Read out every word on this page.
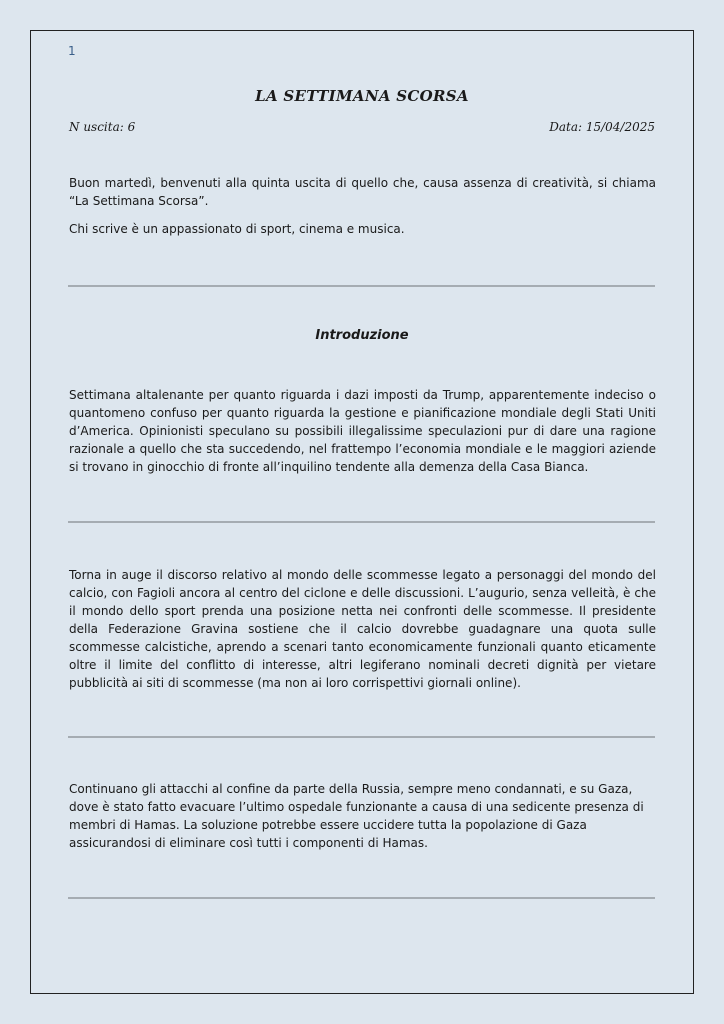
1
LA SETTIMANA SCORSA
N uscita: 6	Data: 15/04/2025

Buon martedì, benvenuti alla quinta uscita di quello che, causa assenza di creatività, si chiama “La Settimana Scorsa”.

Chi scrive è un appassionato di sport, cinema e musica.

Introduzione

Settimana altalenante per quanto riguarda i dazi imposti da Trump, apparentemente indeciso o quantomeno confuso per quanto riguarda la gestione e pianificazione mondiale degli Stati Uniti d’America. Opinionisti speculano su possibili illegalissime speculazioni pur di dare una ragione razionale a quello che sta succedendo, nel frattempo l’economia mondiale e le maggiori aziende si trovano in ginocchio di fronte all’inquilino tendente alla demenza della Casa Bianca.

Torna in auge il discorso relativo al mondo delle scommesse legato a personaggi del mondo del calcio, con Fagioli ancora al centro del ciclone e delle discussioni. L’augurio, senza velleità, è che il mondo dello sport prenda una posizione netta nei confronti delle scommesse. Il presidente della Federazione Gravina sostiene che il calcio dovrebbe guadagnare una quota sulle scommesse calcistiche, aprendo a scenari tanto economicamente funzionali quanto eticamente oltre il limite del conflitto di interesse, altri legiferano nominali decreti dignità per vietare pubblicità ai siti di scommesse (ma non ai loro corrispettivi giornali online).

Continuano gli attacchi al confine da parte della Russia, sempre meno condannati, e su Gaza, dove è stato fatto evacuare l’ultimo ospedale funzionante a causa di una sedicente presenza di membri di Hamas. La soluzione potrebbe essere uccidere tutta la popolazione di Gaza assicurandosi di eliminare così tutti i componenti di Hamas.
